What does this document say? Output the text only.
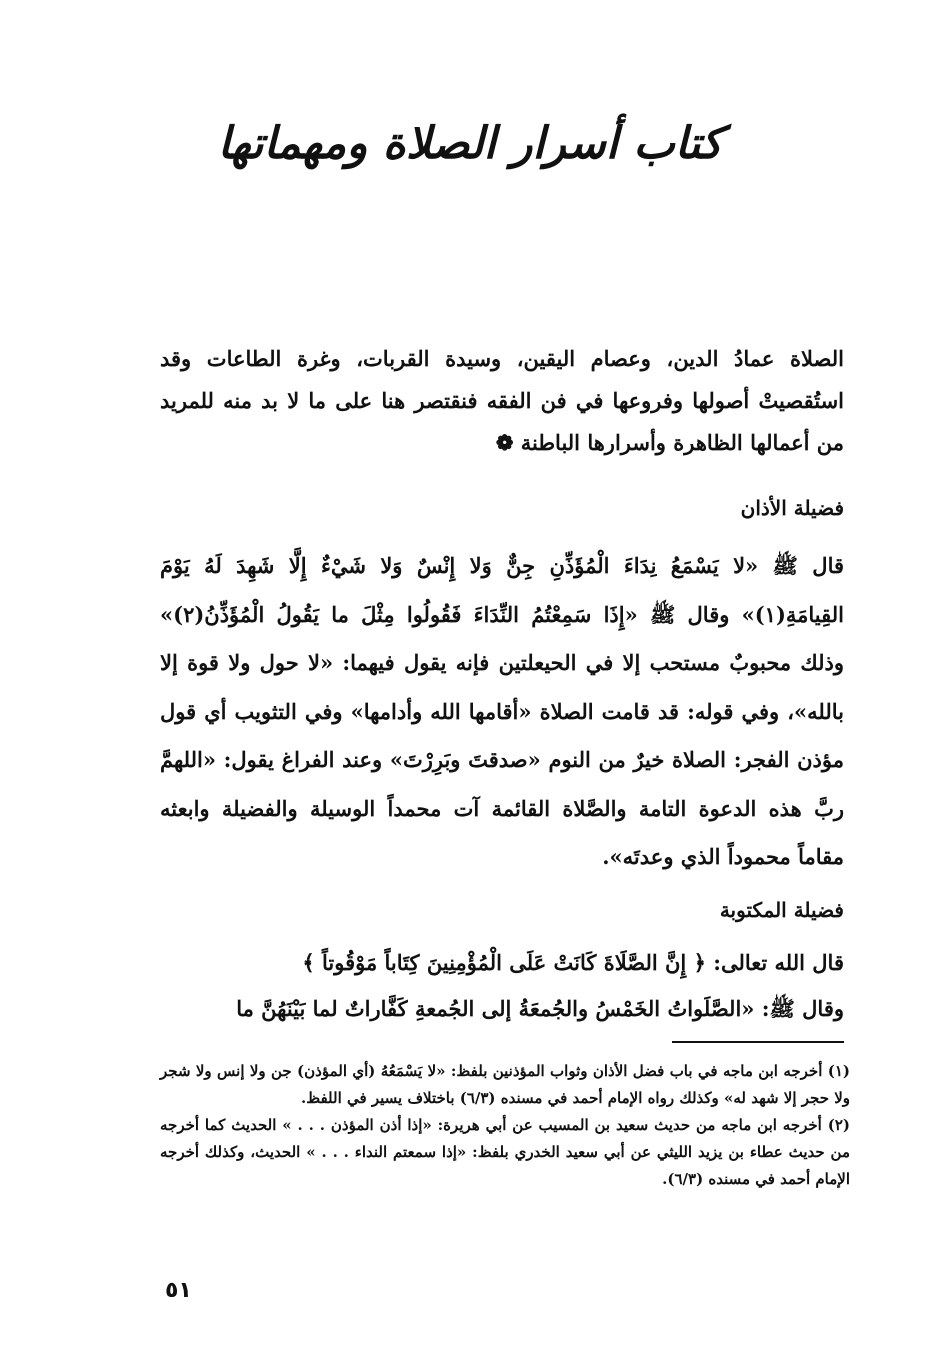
كتاب أسرار الصلاة ومهماتها
الصلاة عمادُ الدين، وعصام اليقين، وسيدة القربات، وغرة الطاعات وقد استُقصيتْ أصولها وفروعها في فن الفقه فنقتصر هنا على ما لا بد منه للمريد من أعمالها الظاهرة وأسرارها الباطنة ❁
فضيلة الأذان
قال ﷺ «لا يَسْمَعُ نِدَاءَ الْمُؤَذِّنِ جِنٌّ وَلا إِنْسٌ وَلا شَيْءٌ إِلَّا شَهِدَ لَهُ يَوْمَ القِيامَةِ(١)» وقال ﷺ «إِذَا سَمِعْتُمُ النِّدَاءَ فَقُولُوا مِثْلَ ما يَقُولُ الْمُؤَذِّنُ(٢)» وذلك محبوبٌ مستحب إلا في الحيعلتين فإنه يقول فيهما: «لا حول ولا قوة إلا بالله»، وفي قوله: قد قامت الصلاة «أقامها الله وأدامها» وفي التثويب أي قول مؤذن الفجر: الصلاة خيرٌ من النوم «صدقتَ وبَرِرْتَ» وعند الفراغ يقول: «اللهمَّ ربَّ هذه الدعوة التامة والصَّلاة القائمة آت محمداً الوسيلة والفضيلة وابعثه مقاماً محموداً الذي وعدتَه».
فضيلة المكتوبة
قال الله تعالى: ﴿ إِنَّ الصَّلَاةَ كَانَتْ عَلَى الْمُؤْمِنِينَ كِتَاباً مَوْقُوتاً ﴾
وقال ﷺ: «الصَّلَواتُ الخَمْسُ والجُمعَةُ إلى الجُمعةِ كَفَّاراتٌ لما بَيْنَهُنَّ ما

(١) أخرجه ابن ماجه في باب فضل الأذان وثواب المؤذنين بلفظ: «لا يَسْمَعُهُ (أي المؤذن) جن ولا إنس ولا شجر ولا حجر إلا شهد له» وكذلك رواه الإمام أحمد في مسنده (٦/٣) باختلاف يسير في اللفظ.

(٢) أخرجه ابن ماجه من حديث سعيد بن المسيب عن أبي هريرة: «إذا أذن المؤذن . . . » الحديث كما أخرجه من حديث عطاء بن يزيد الليثي عن أبي سعيد الخدري بلفظ: «إذا سمعتم النداء . . . » الحديث، وكذلك أخرجه الإمام أحمد في مسنده (٦/٣).

٥١
